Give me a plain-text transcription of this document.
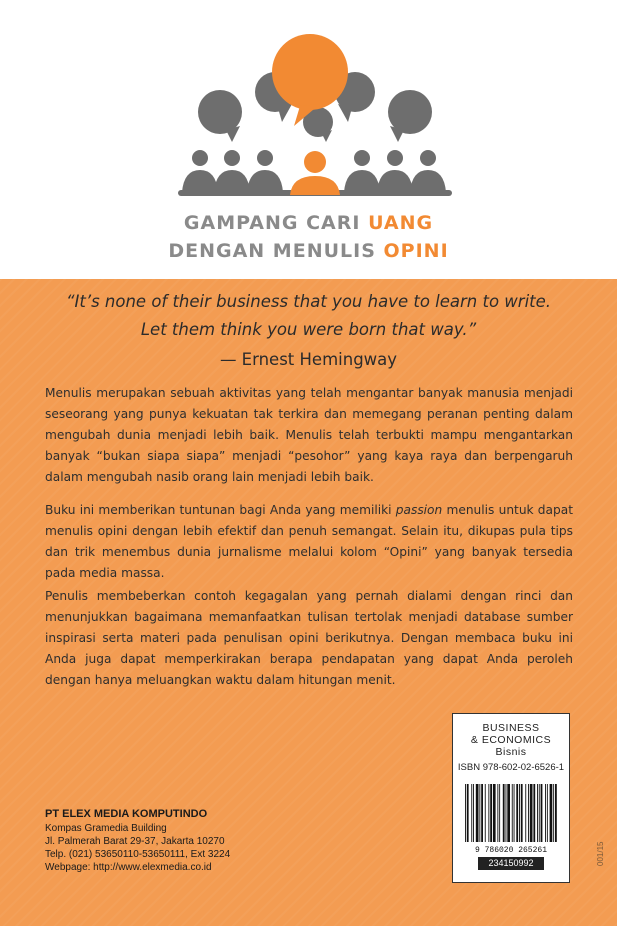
GAMPANG CARI UANG
DENGAN MENULIS OPINI
“It’s none of their business that you have to learn to write.
Let them think you were born that way.”
— Ernest Hemingway

Menulis merupakan sebuah aktivitas yang telah mengantar banyak manusia menjadi seseorang yang punya kekuatan tak terkira dan memegang peranan penting dalam mengubah dunia menjadi lebih baik. Menulis telah terbukti mampu mengantarkan banyak “bukan siapa siapa” menjadi “pesohor” yang kaya raya dan berpengaruh dalam mengubah nasib orang lain menjadi lebih baik.

Buku ini memberikan tuntunan bagi Anda yang memiliki passion menulis untuk dapat menulis opini dengan lebih efektif dan penuh semangat. Selain itu, dikupas pula tips dan trik menembus dunia jurnalisme melalui kolom “Opini” yang banyak tersedia pada media massa.

Penulis membeberkan contoh kegagalan yang pernah dialami dengan rinci dan menunjukkan bagaimana memanfaatkan tulisan tertolak menjadi database sumber inspirasi serta materi pada penulisan opini berikutnya. Dengan membaca buku ini Anda juga dapat memperkirakan berapa pendapatan yang dapat Anda peroleh dengan hanya meluangkan waktu dalam hitungan menit.

PT ELEX MEDIA KOMPUTINDO
Kompas Gramedia Building
Jl. Palmerah Barat 29-37, Jakarta 10270
Telp. (021) 53650110-53650111, Ext 3224
Webpage: http://www.elexmedia.co.id
BUSINESS
& ECONOMICS
Bisnis
ISBN 978-602-02-6526-1
9 786020 265261
234150992	001/15
